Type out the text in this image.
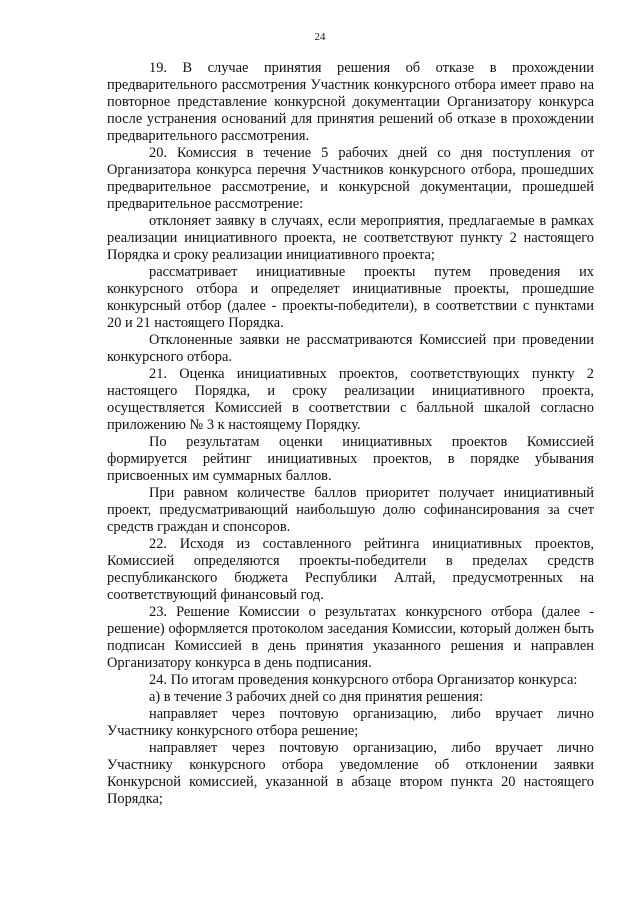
24

19. В случае принятия решения об отказе в прохождении предварительного рассмотрения Участник конкурсного отбора имеет право на повторное представление конкурсной документации Организатору конкурса после устранения оснований для принятия решений об отказе в прохождении предварительного рассмотрения.

20. Комиссия в течение 5 рабочих дней со дня поступления от Организатора конкурса перечня Участников конкурсного отбора, прошедших предварительное рассмотрение, и конкурсной документации, прошедшей предварительное рассмотрение:

отклоняет заявку в случаях, если мероприятия, предлагаемые в рамках реализации инициативного проекта, не соответствуют пункту 2 настоящего Порядка и сроку реализации инициативного проекта;

рассматривает инициативные проекты путем проведения их конкурсного отбора и определяет инициативные проекты, прошедшие конкурсный отбор (далее - проекты-победители), в соответствии с пунктами 20 и 21 настоящего Порядка.

Отклоненные заявки не рассматриваются Комиссией при проведении конкурсного отбора.

21. Оценка инициативных проектов, соответствующих пункту 2 настоящего Порядка, и сроку реализации инициативного проекта, осуществляется Комиссией в соответствии с балльной шкалой согласно приложению № 3 к настоящему Порядку.

По результатам оценки инициативных проектов Комиссией формируется рейтинг инициативных проектов, в порядке убывания присвоенных им суммарных баллов.

При равном количестве баллов приоритет получает инициативный проект, предусматривающий наибольшую долю софинансирования за счет средств граждан и спонсоров.

22. Исходя из составленного рейтинга инициативных проектов, Комиссией определяются проекты-победители в пределах средств республиканского бюджета Республики Алтай, предусмотренных на соответствующий финансовый год.

23. Решение Комиссии о результатах конкурсного отбора (далее - решение) оформляется протоколом заседания Комиссии, который должен быть подписан Комиссией в день принятия указанного решения и направлен Организатору конкурса в день подписания.

24. По итогам проведения конкурсного отбора Организатор конкурса:

а) в течение 3 рабочих дней со дня принятия решения:

направляет через почтовую организацию, либо вручает лично Участнику конкурсного отбора решение;

направляет через почтовую организацию, либо вручает лично Участнику конкурсного отбора уведомление об отклонении заявки Конкурсной комиссией, указанной в абзаце втором пункта 20 настоящего Порядка;
